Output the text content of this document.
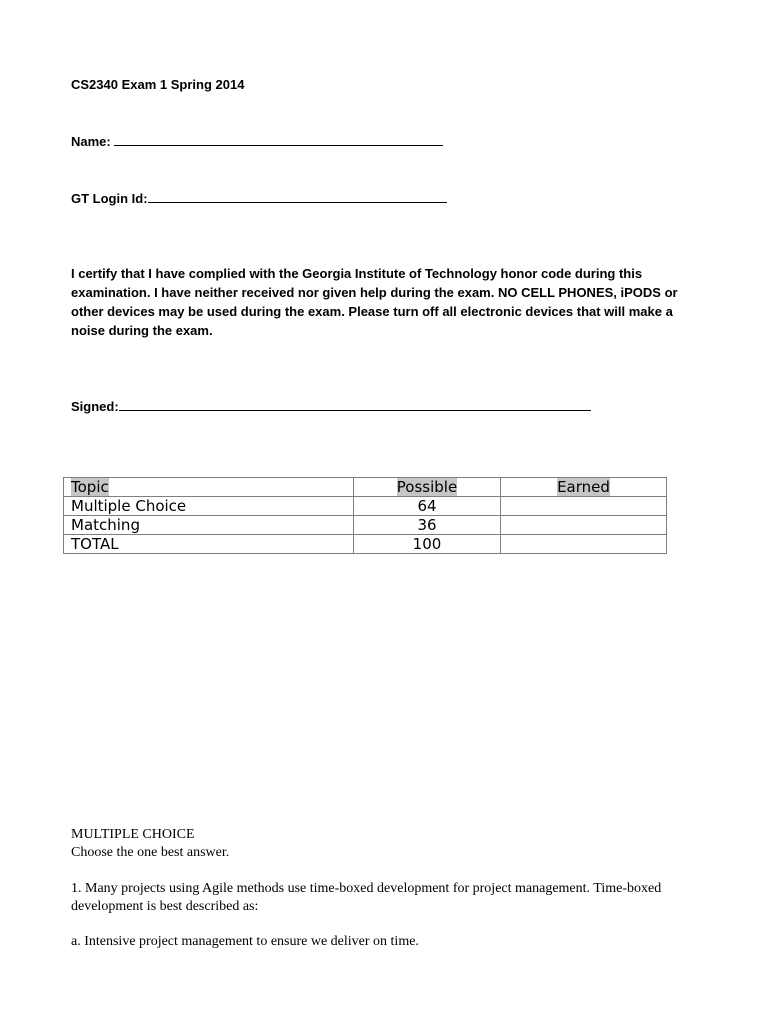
CS2340 Exam 1 Spring 2014
Name:
GT Login Id:
I certify that I have complied with the Georgia Institute of Technology honor code during this examination. I have neither received nor given help during the exam. NO CELL PHONES, iPODS or other devices may be used during the exam. Please turn off all electronic devices that will make a noise during the exam.
Signed:
Topic	Possible	Earned
Multiple Choice	64	
Matching	36	
TOTAL	100	
MULTIPLE CHOICE
Choose the one best answer.
1. Many projects using Agile methods use time-boxed development for project management. Time-boxed development is best described as:
a. Intensive project management to ensure we deliver on time.
